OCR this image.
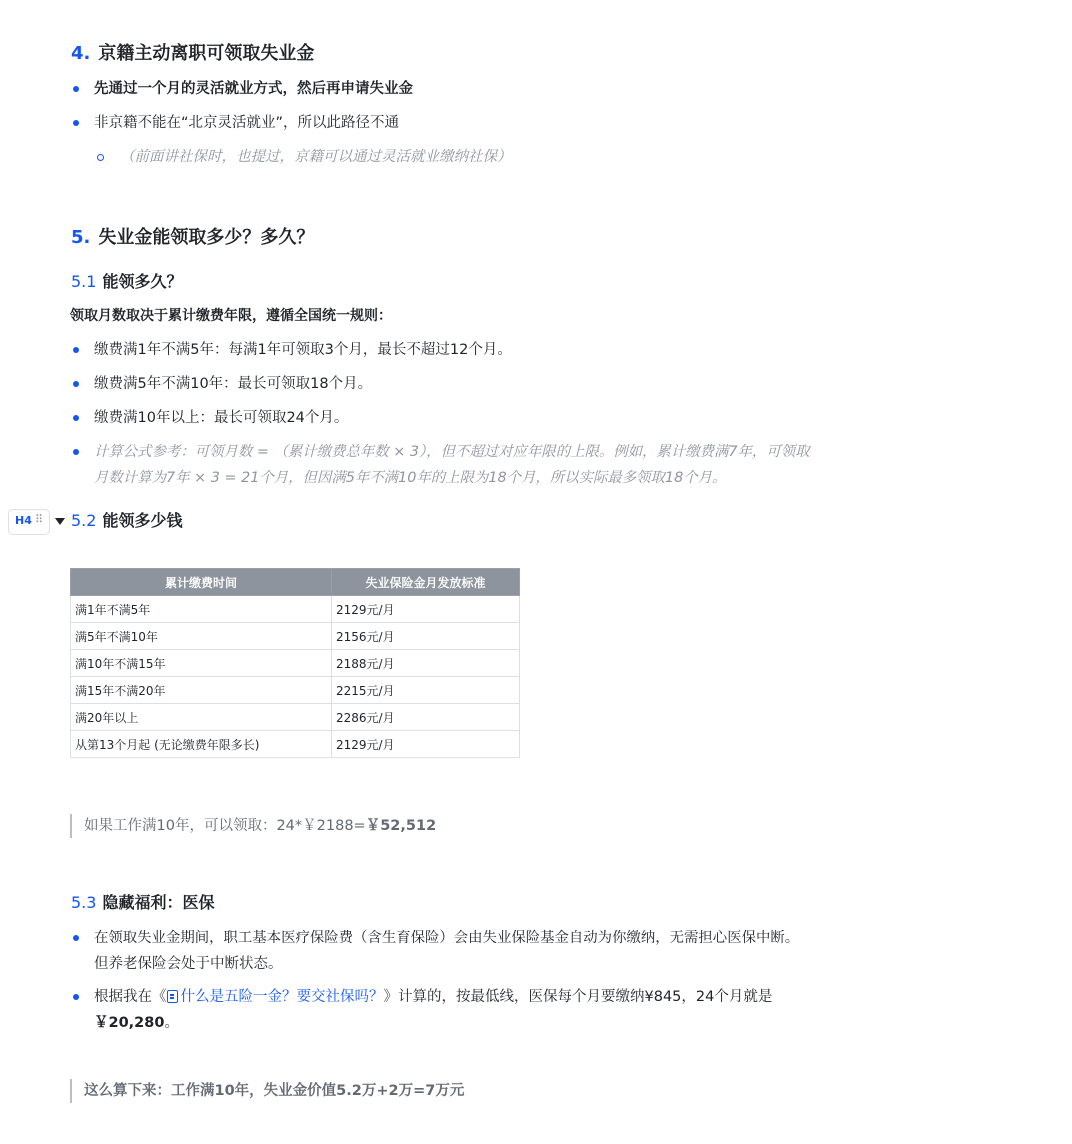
4. 京籍主动离职可领取失业金
先通过一个月的灵活就业方式，然后再申请失业金
非京籍不能在“北京灵活就业”，所以此路径不通
（前面讲社保时，也提过，京籍可以通过灵活就业缴纳社保）
5. 失业金能领取多少？多久？
5.1 能领多久？
领取月数取决于累计缴费年限，遵循全国统一规则：
缴费满1年不满5年：每满1年可领取3个月，最长不超过12个月。
缴费满5年不满10年：最长可领取18个月。
缴费满10年以上：最长可领取24个月。
计算公式参考：可领月数 = （累计缴费总年数 × 3），但不超过对应年限的上限。例如，累计缴费满7年，可领取
月数计算为7年 × 3 = 21个月，但因满5年不满10年的上限为18个月，所以实际最多领取18个月。
H4 ⠿ 5.2 能领多少钱
累计缴费时间	失业保险金月发放标准
满1年不满5年	2129元/月
满5年不满10年	2156元/月
满10年不满15年	2188元/月
满15年不满20年	2215元/月
满20年以上	2286元/月
从第13个月起 (无论缴费年限多长)	2129元/月
如果工作满10年，可以领取：24*￥2188=￥52,512
5.3 隐藏福利：医保
在领取失业金期间，职工基本医疗保险费（含生育保险）会由失业保险基金自动为你缴纳，无需担心医保中断。
但养老保险会处于中断状态。
根据我在《 什么是五险一金？要交社保吗？》计算的，按最低线，医保每个月要缴纳¥845，24个月就是
￥20,280。
这么算下来：工作满10年，失业金价值5.2万+2万=7万元
